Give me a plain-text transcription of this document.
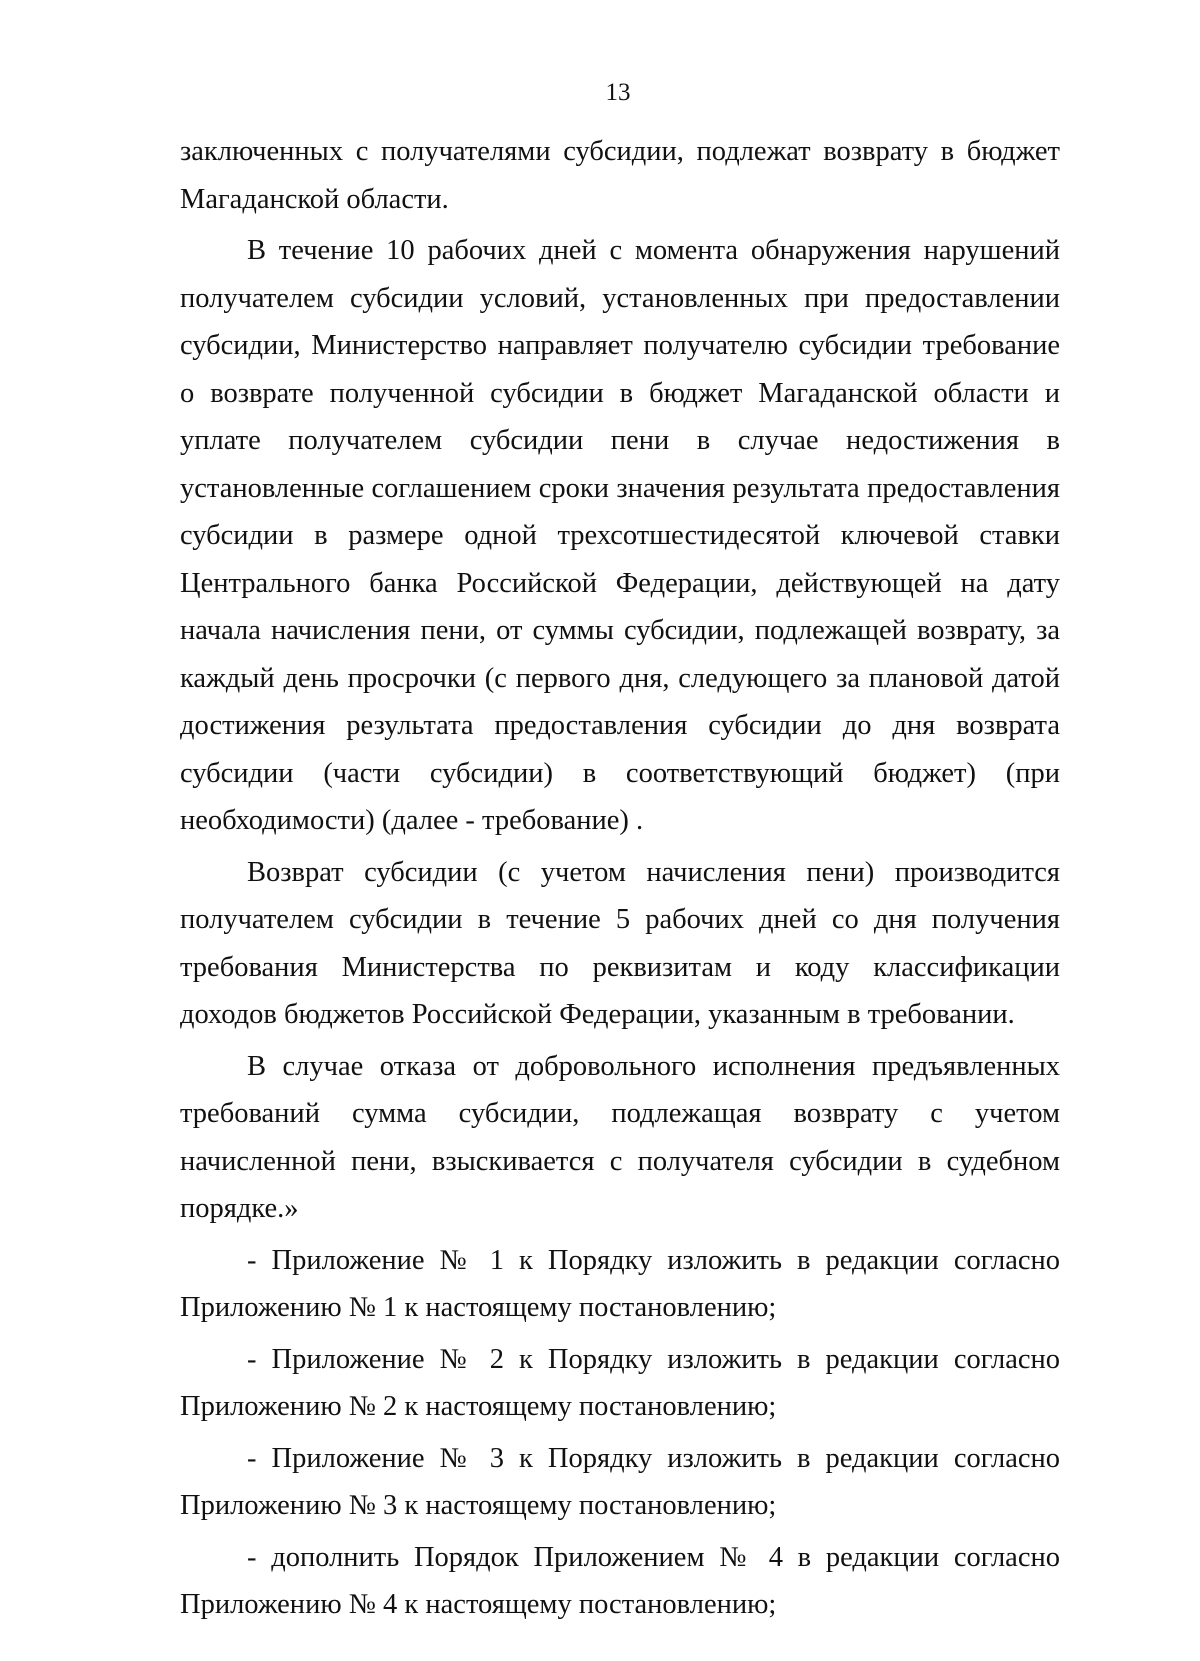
13

заключенных с получателями субсидии, подлежат возврату в бюджет Магаданской области.

В течение 10 рабочих дней с момента обнаружения нарушений получателем субсидии условий, установленных при предоставлении субсидии, Министерство направляет получателю субсидии требование о возврате полученной субсидии в бюджет Магаданской области и уплате получателем субсидии пени в случае недостижения в установленные соглашением сроки значения результата предоставления субсидии в размере одной трехсотшестидесятой ключевой ставки Центрального банка Российской Федерации, действующей на дату начала начисления пени, от суммы субсидии, подлежащей возврату, за каждый день просрочки (с первого дня, следующего за плановой датой достижения результата предоставления субсидии до дня возврата субсидии (части субсидии) в соответствующий бюджет) (при необходимости) (далее - требование) .

Возврат субсидии (с учетом начисления пени) производится получателем субсидии в течение 5 рабочих дней со дня получения требования Министерства по реквизитам и коду классификации доходов бюджетов Российской Федерации, указанным в требовании.

В случае отказа от добровольного исполнения предъявленных требований сумма субсидии, подлежащая возврату с учетом начисленной пени, взыскивается с получателя субсидии в судебном порядке.»

- Приложение № 1 к Порядку изложить в редакции согласно Приложению № 1 к настоящему постановлению;

- Приложение № 2 к Порядку изложить в редакции согласно Приложению № 2 к настоящему постановлению;

- Приложение № 3 к Порядку изложить в редакции согласно Приложению № 3 к настоящему постановлению;

- дополнить Порядок Приложением № 4 в редакции согласно Приложению № 4 к настоящему постановлению;
